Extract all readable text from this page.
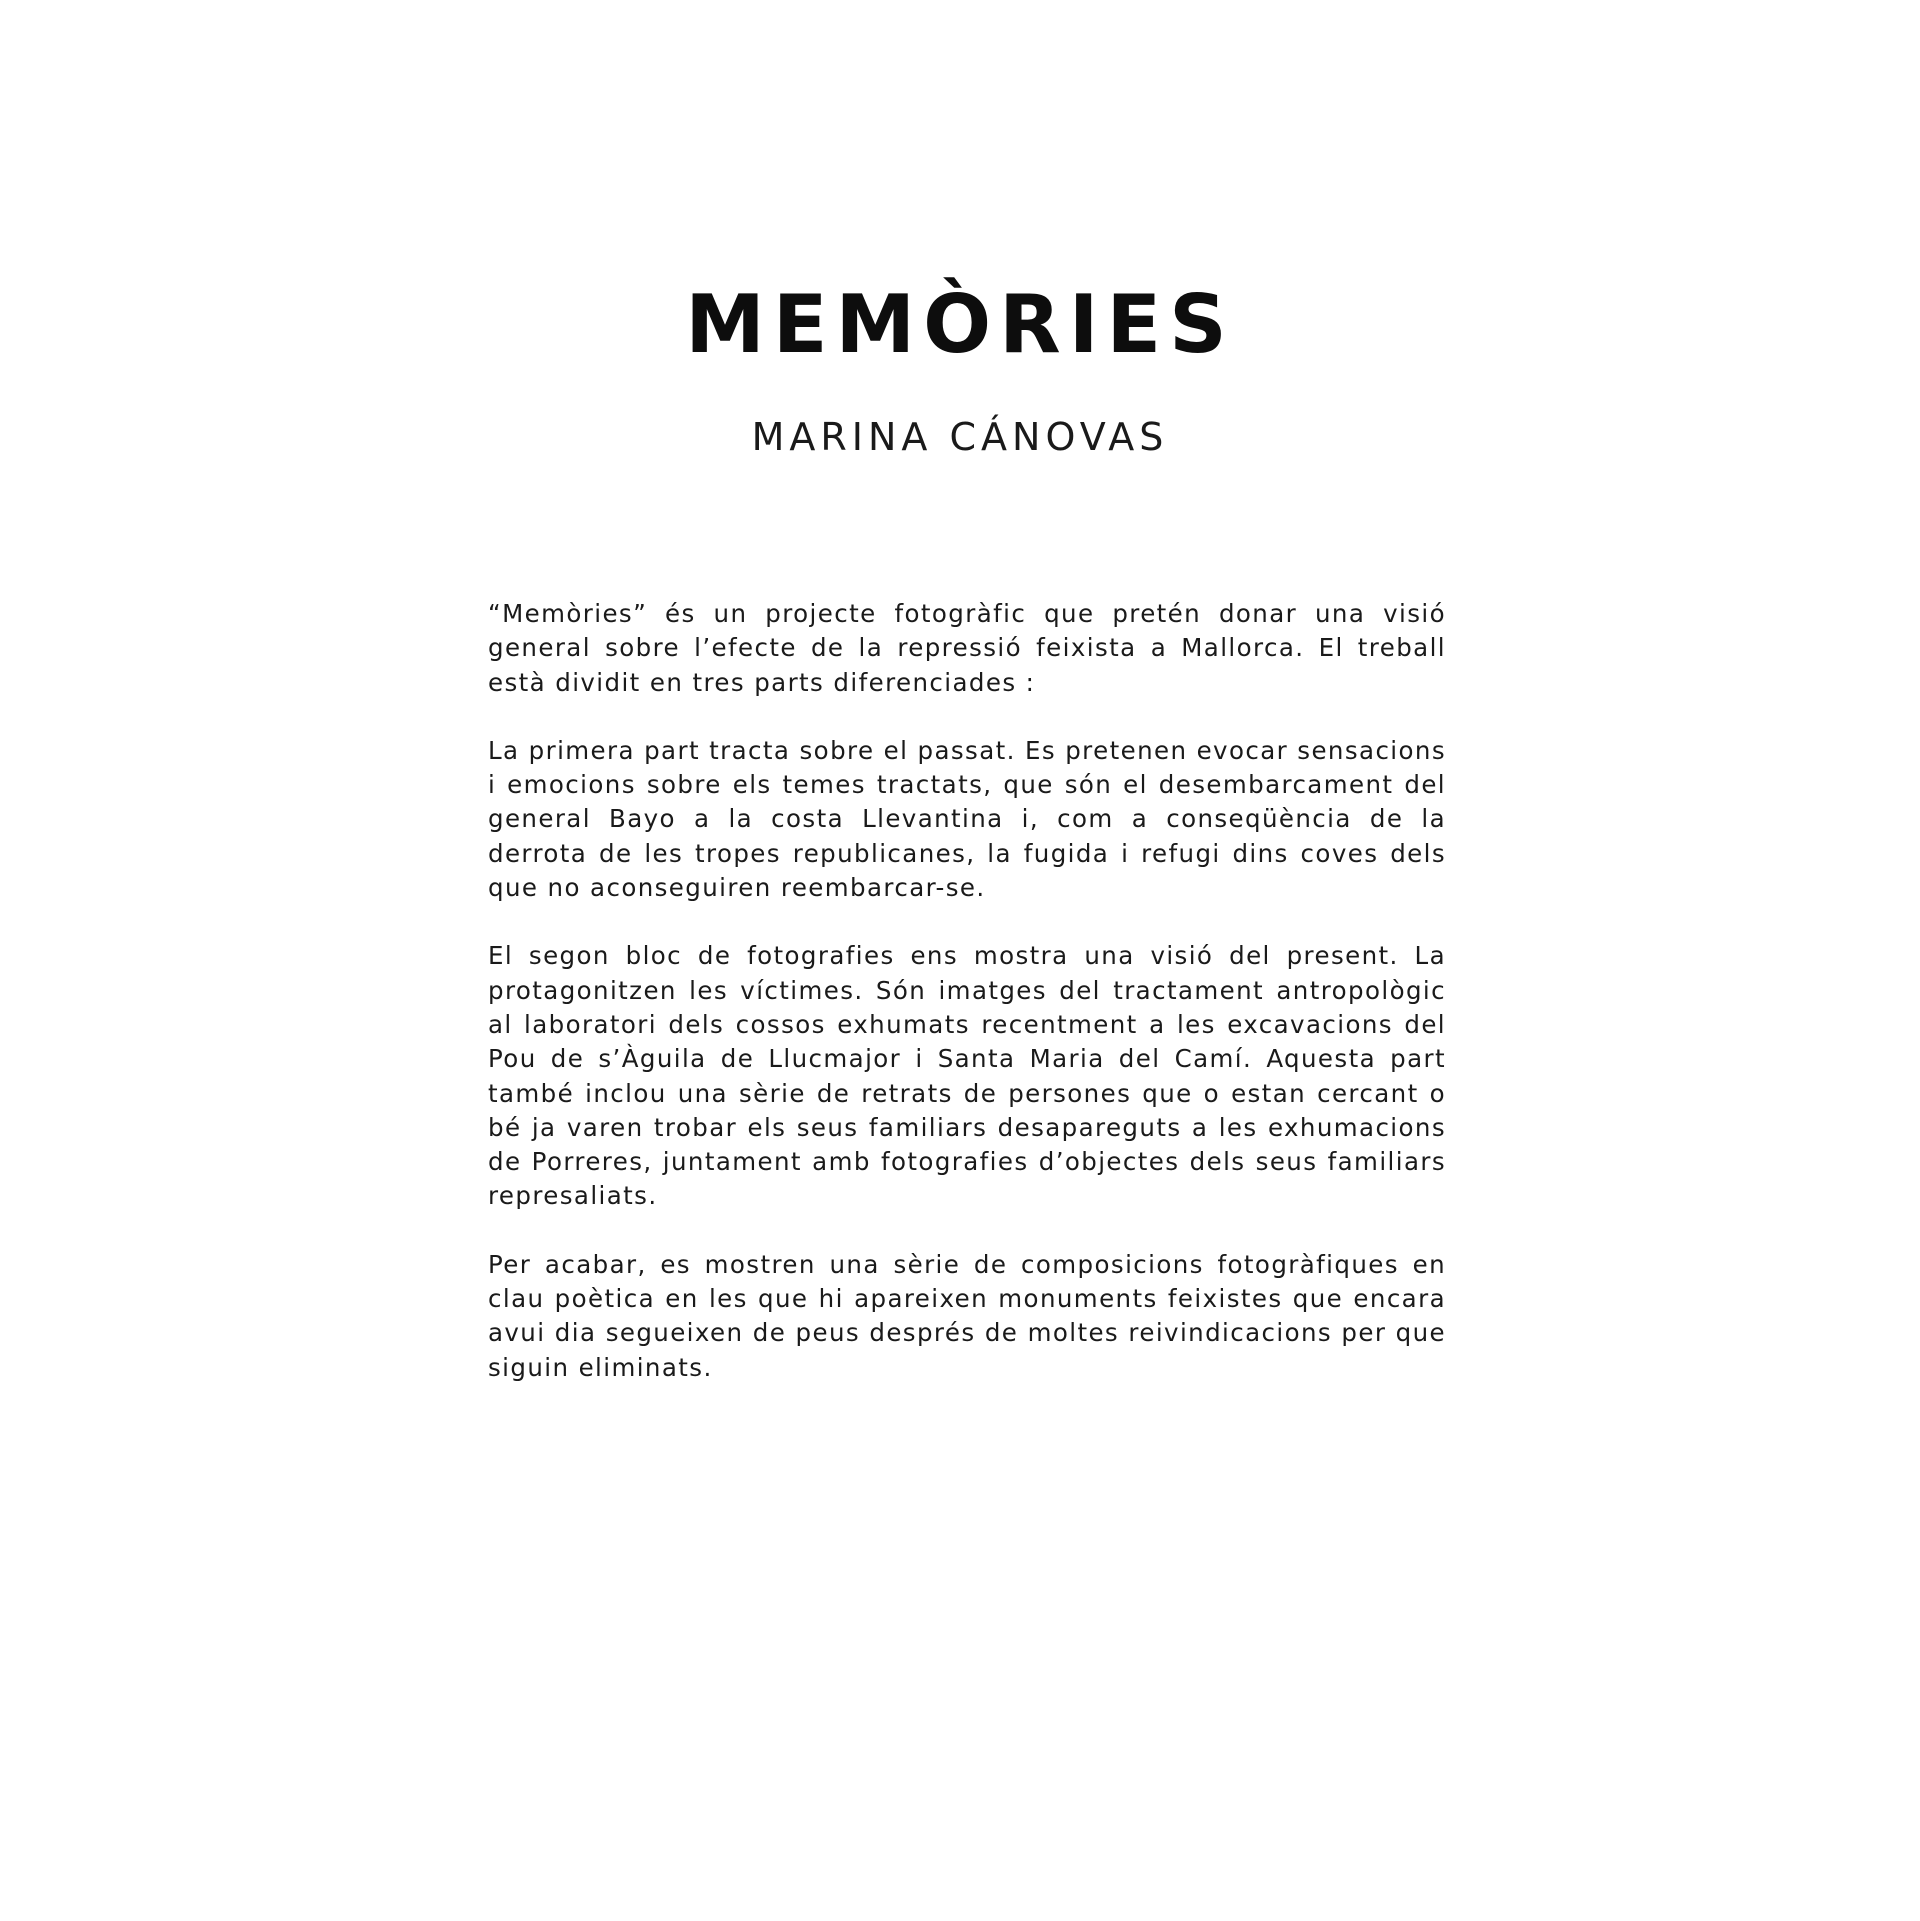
MEMÒRIES
MARINA CÁNOVAS

“Memòries” és un projecte fotogràfic que pretén donar una visió general sobre l’efecte de la repressió feixista a Mallorca. El treball està dividit en tres parts diferenciades :

La primera part tracta sobre el passat. Es pretenen evocar sensacions i emocions sobre els temes tractats, que són el desembarcament del general Bayo a la costa Llevantina i, com a conseqüència de la derrota de les tropes republicanes, la fugida i refugi dins coves dels que no aconseguiren reembarcar-se.

El segon bloc de fotografies ens mostra una visió del present. La protagonitzen les víctimes. Són imatges del tractament antropològic al laboratori dels cossos exhumats recentment a les excavacions del Pou de s’Àguila de Llucmajor i Santa Maria del Camí. Aquesta part també inclou una sèrie de retrats de persones que o estan cercant o bé ja varen trobar els seus familiars desapareguts a les exhumacions de Porreres, juntament amb fotografies d’objectes dels seus familiars represaliats.

Per acabar, es mostren una sèrie de composicions fotogràfiques en clau poètica en les que hi apareixen monuments feixistes que encara avui dia segueixen de peus després de moltes reivindicacions per que siguin eliminats.
